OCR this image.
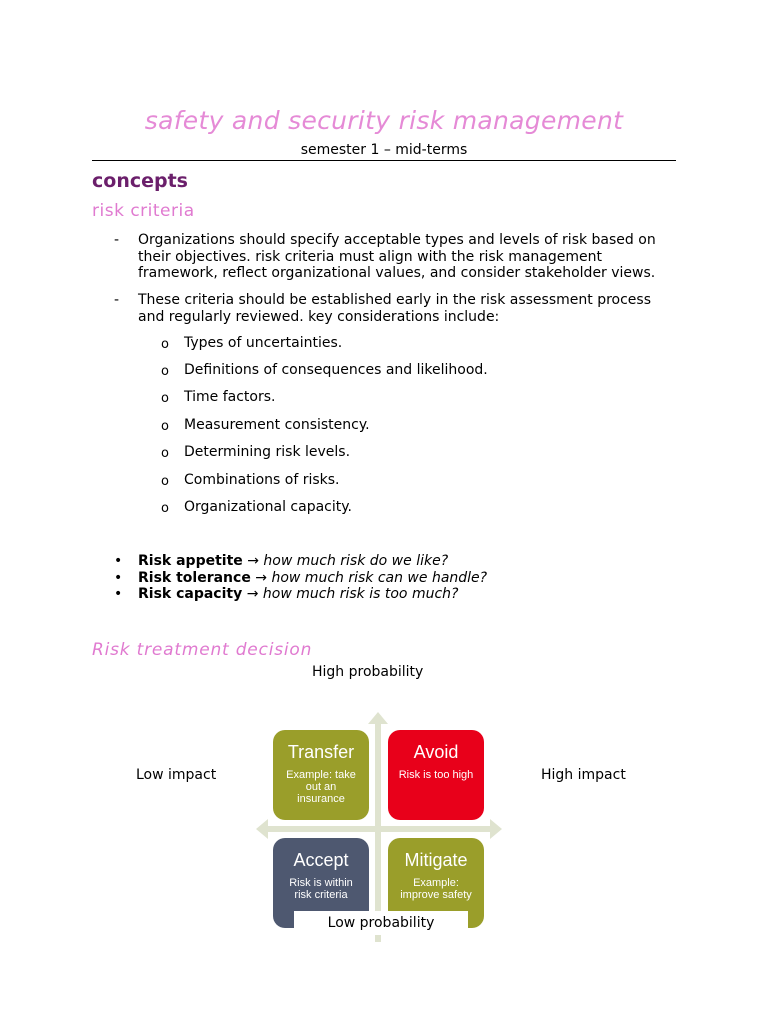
safety and security risk management
semester 1 – mid-terms
concepts
risk criteria
- Organizations should specify acceptable types and levels of risk based on
their objectives. risk criteria must align with the risk management
framework, reflect organizational values, and consider stakeholder views.
- These criteria should be established early in the risk assessment process
and regularly reviewed. key considerations include:
o Types of uncertainties.
o Definitions of consequences and likelihood.
o Time factors.
o Measurement consistency.
o Determining risk levels.
o Combinations of risks.
o Organizational capacity.
• Risk appetite → how much risk do we like?
• Risk tolerance → how much risk can we handle?
• Risk capacity → how much risk is too much?
Risk treatment decision
High probability
Low impact	High impact
Transfer
Example: take out an insurance
Avoid
Risk is too high
Accept
Risk is within risk criteria
Mitigate
Example: improve safety
Low probability
